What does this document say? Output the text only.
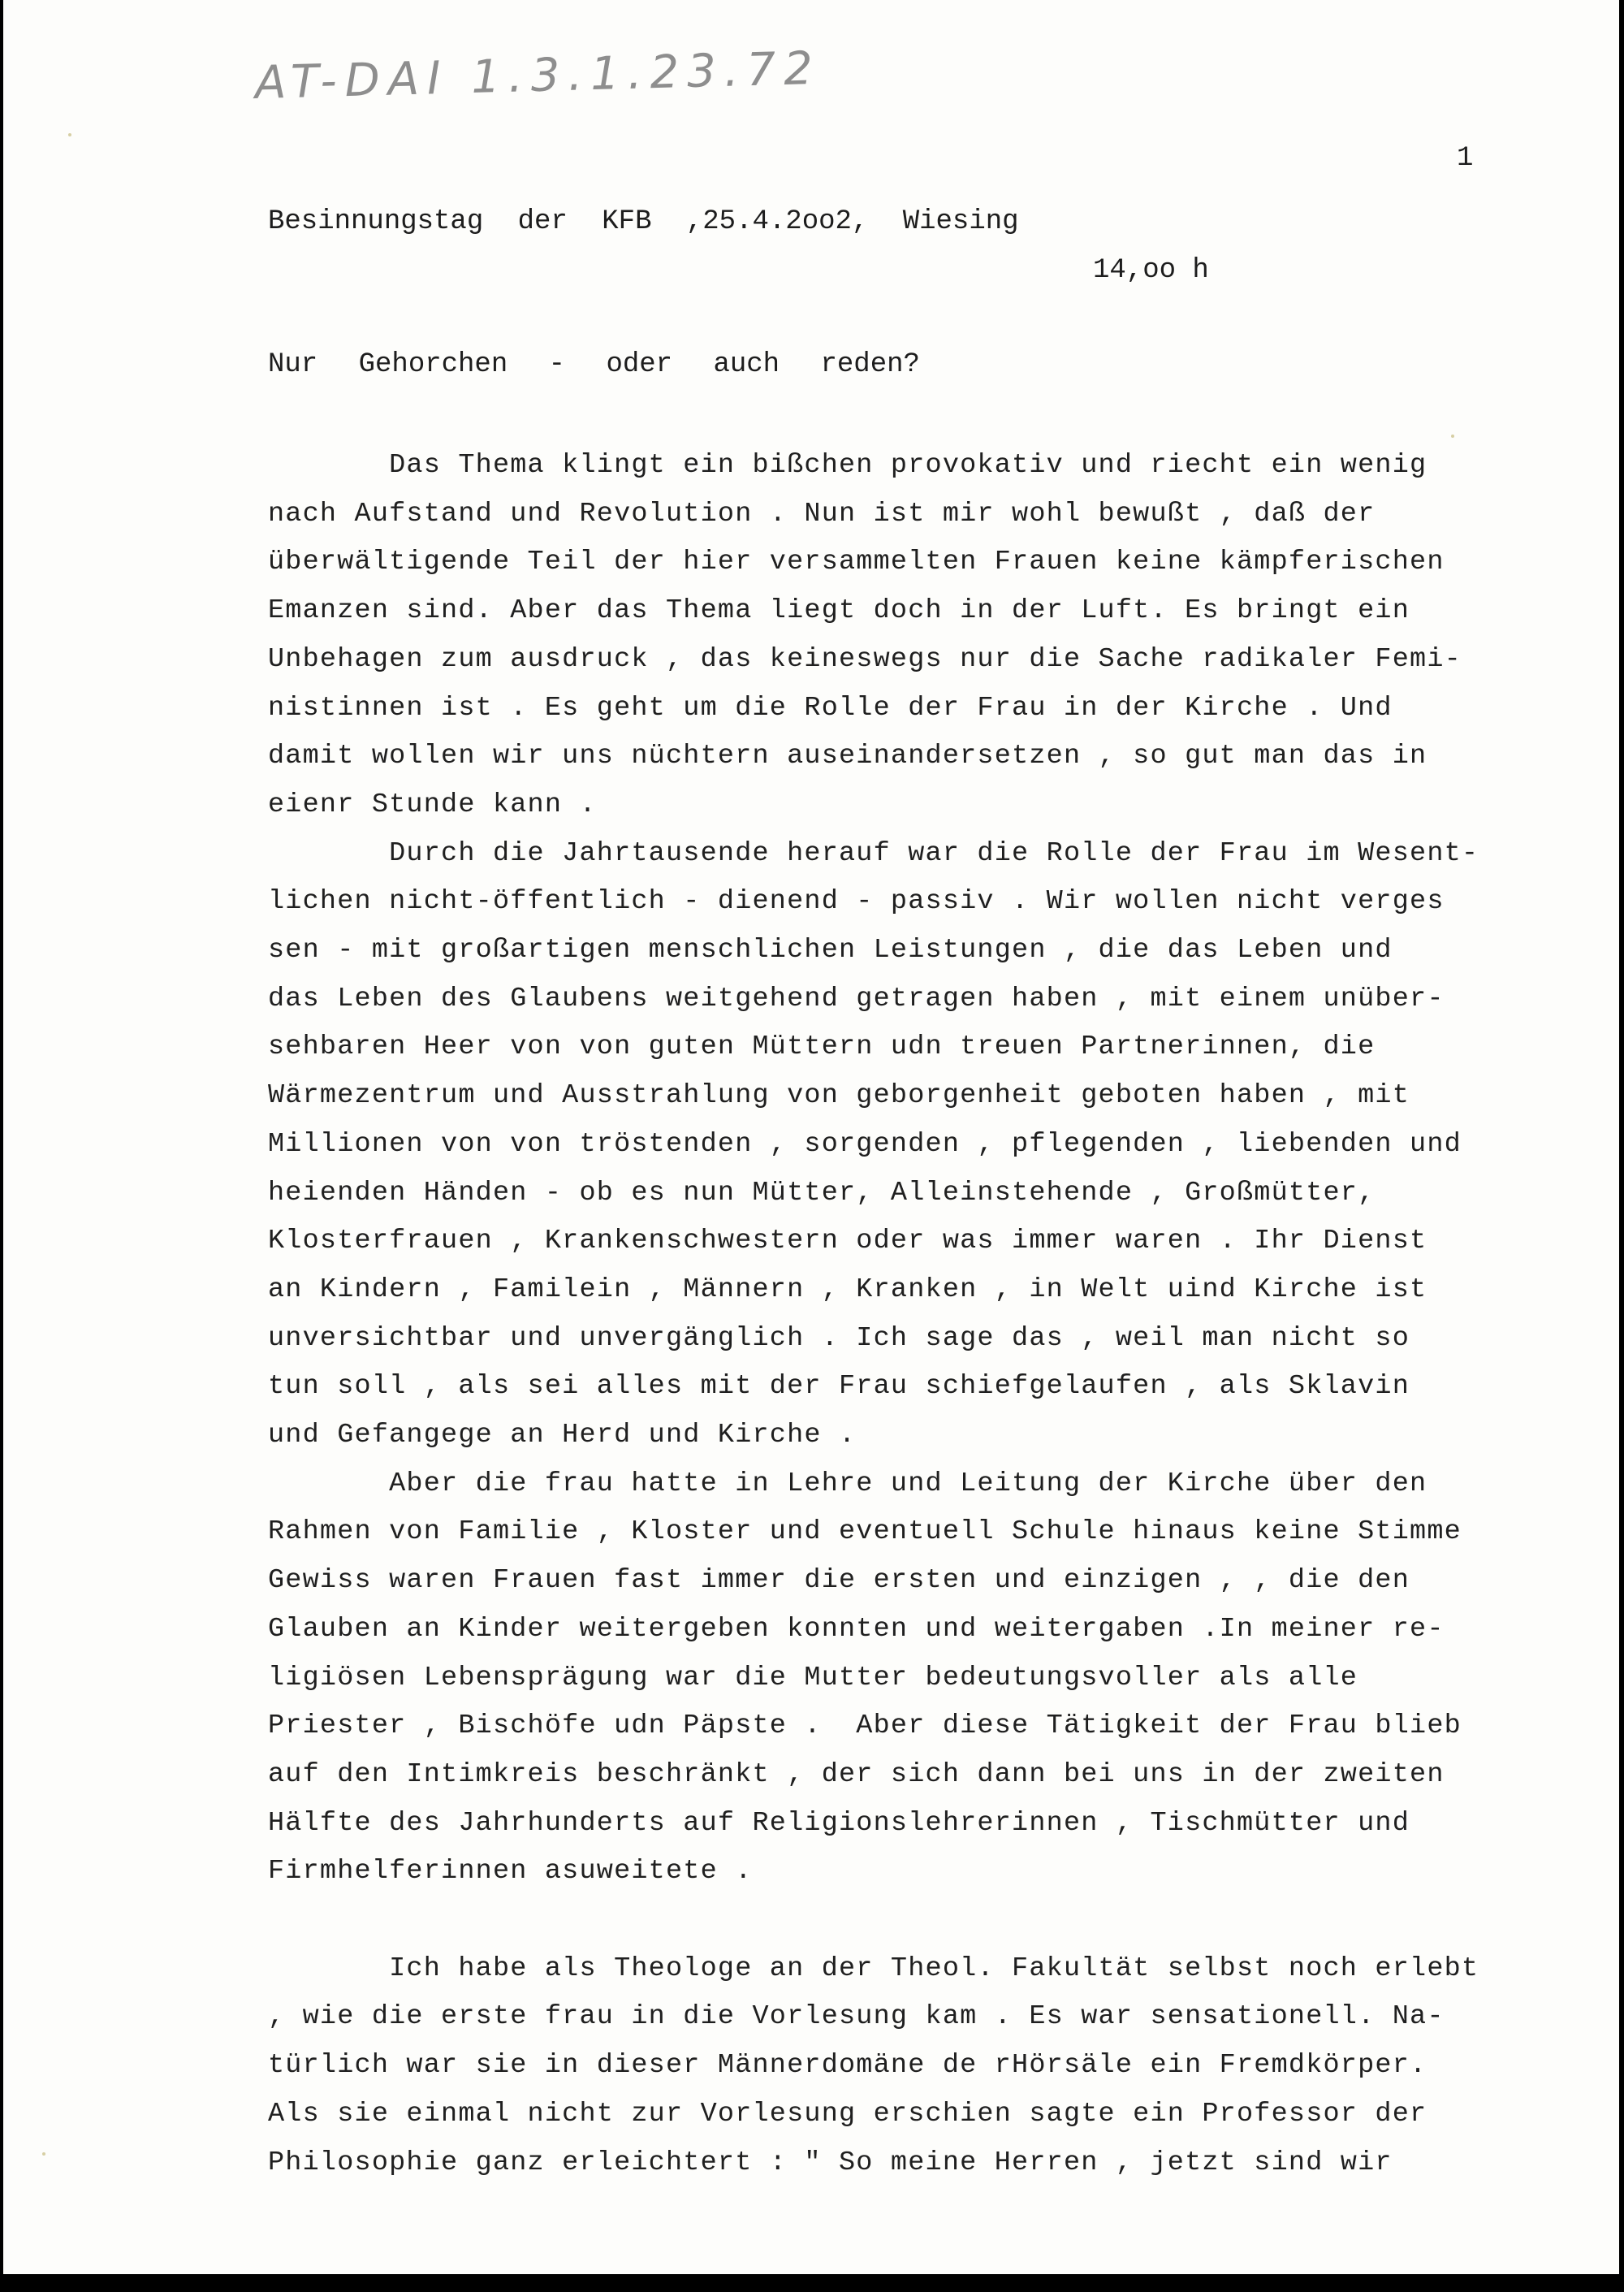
AT-DAI 1.3.1.23.72
1
Besinnungstag der KFB ,25.4.2oo2, Wiesing
14,oo h
Nur Gehorchen - oder auch reden?
Das Thema klingt ein bißchen provokativ und riecht ein wenig
nach Aufstand und Revolution . Nun ist mir wohl bewußt , daß der
überwältigende Teil der hier versammelten Frauen keine kämpferischen
Emanzen sind. Aber das Thema liegt doch in der Luft. Es bringt ein
Unbehagen zum ausdruck , das keineswegs nur die Sache radikaler Femi-
nistinnen ist . Es geht um die Rolle der Frau in der Kirche . Und
damit wollen wir uns nüchtern auseinandersetzen , so gut man das in
eienr Stunde kann .
Durch die Jahrtausende herauf war die Rolle der Frau im Wesent-
lichen nicht-öffentlich - dienend - passiv . Wir wollen nicht verges
sen - mit großartigen menschlichen Leistungen , die das Leben und
das Leben des Glaubens weitgehend getragen haben , mit einem unüber-
sehbaren Heer von von guten Müttern udn treuen Partnerinnen, die
Wärmezentrum und Ausstrahlung von geborgenheit geboten haben , mit
Millionen von von tröstenden , sorgenden , pflegenden , liebenden und
heienden Händen - ob es nun Mütter, Alleinstehende , Großmütter,
Klosterfrauen , Krankenschwestern oder was immer waren . Ihr Dienst
an Kindern , Familein , Männern , Kranken , in Welt uind Kirche ist
unversichtbar und unvergänglich . Ich sage das , weil man nicht so
tun soll , als sei alles mit der Frau schiefgelaufen , als Sklavin
und Gefangege an Herd und Kirche .
Aber die frau hatte in Lehre und Leitung der Kirche über den
Rahmen von Familie , Kloster und eventuell Schule hinaus keine Stimme
Gewiss waren Frauen fast immer die ersten und einzigen , , die den
Glauben an Kinder weitergeben konnten und weitergaben .In meiner re-
ligiösen Lebensprägung war die Mutter bedeutungsvoller als alle
Priester , Bischöfe udn Päpste .  Aber diese Tätigkeit der Frau blieb
auf den Intimkreis beschränkt , der sich dann bei uns in der zweiten
Hälfte des Jahrhunderts auf Religionslehrerinnen , Tischmütter und
Firmhelferinnen asuweitete .
Ich habe als Theologe an der Theol. Fakultät selbst noch erlebt
, wie die erste frau in die Vorlesung kam . Es war sensationell. Na-
türlich war sie in dieser Männerdomäne de rHörsäle ein Fremdkörper.
Als sie einmal nicht zur Vorlesung erschien sagte ein Professor der
Philosophie ganz erleichtert : " So meine Herren , jetzt sind wir
